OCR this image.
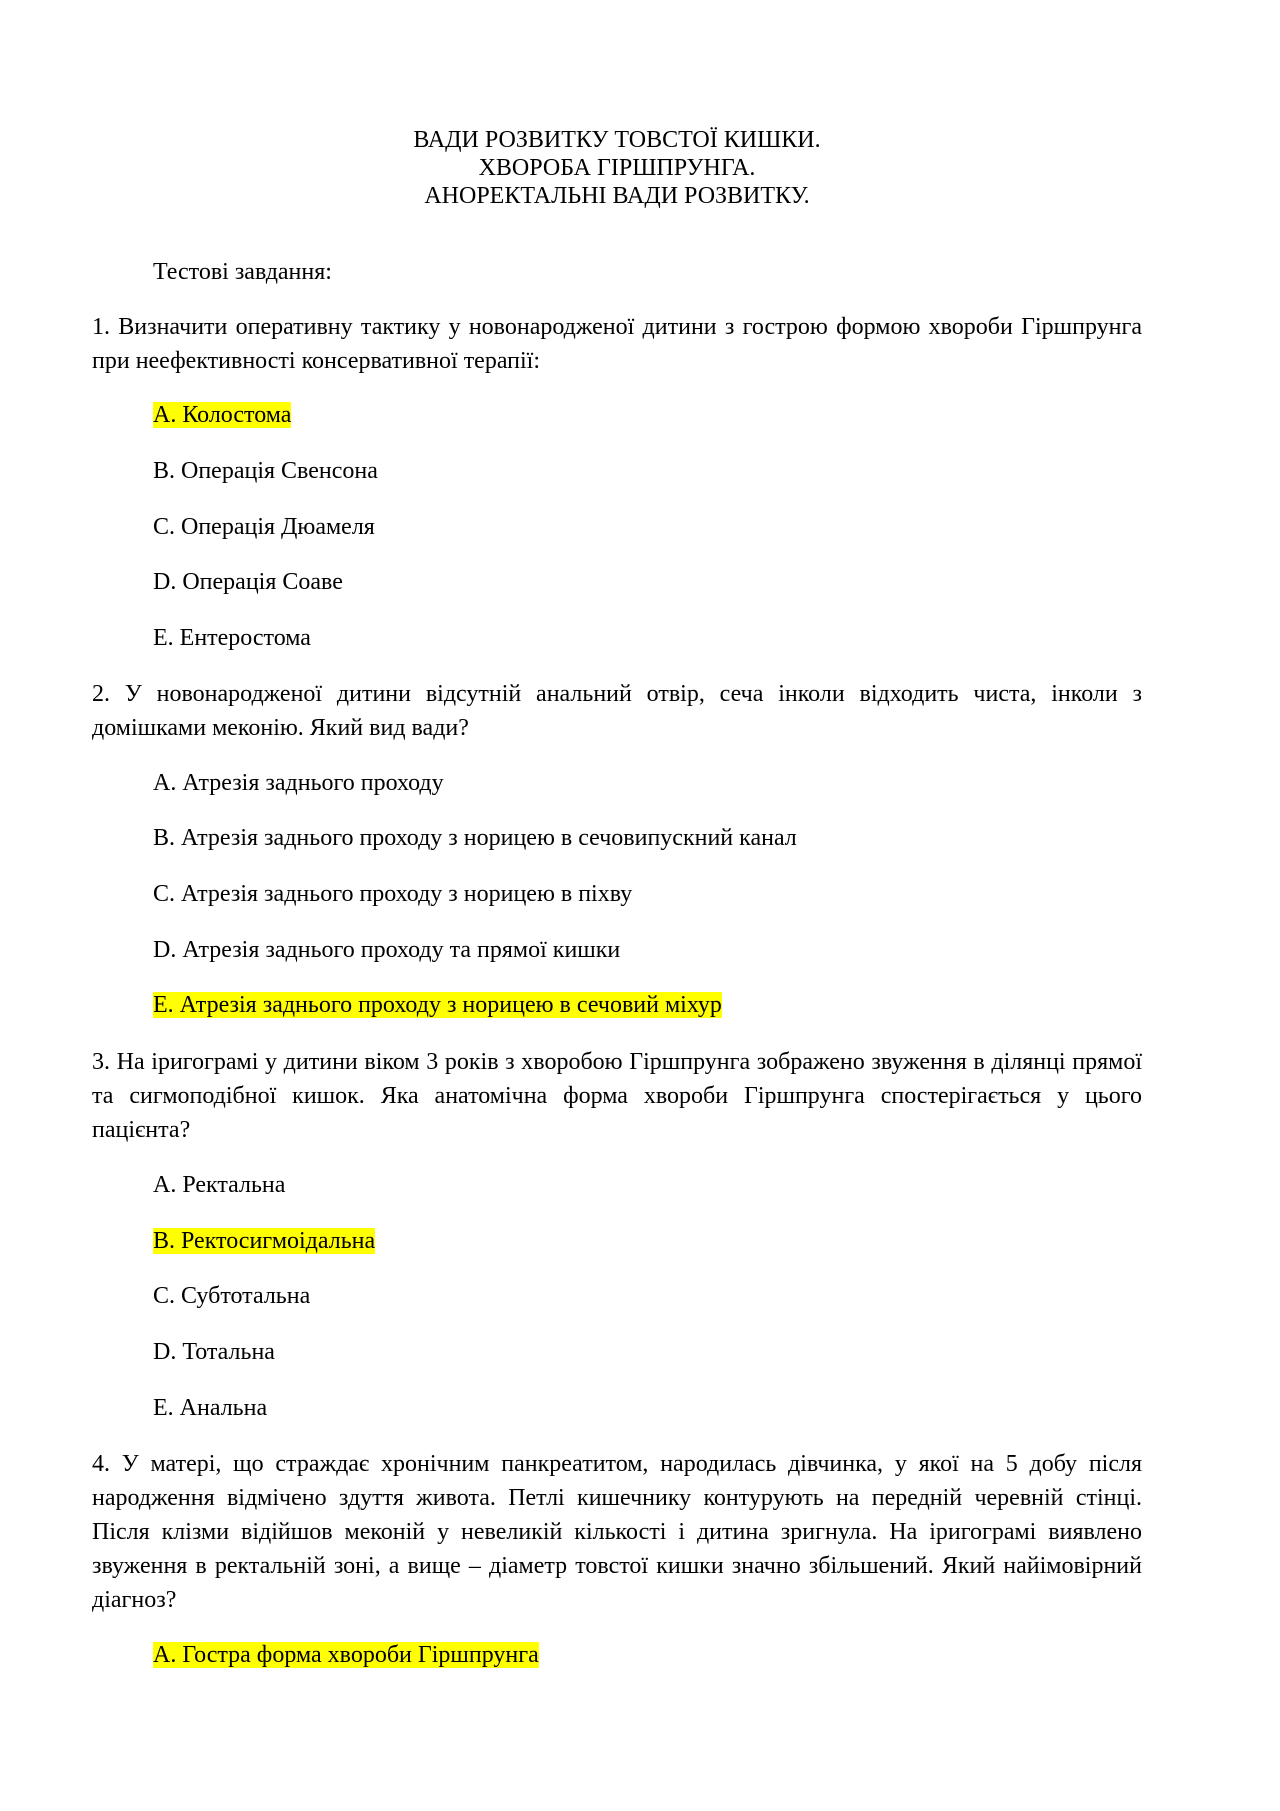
ВАДИ РОЗВИТКУ ТОВСТОЇ КИШКИ.
ХВОРОБА ГІРШПРУНГА.
АНОРЕКТАЛЬНІ ВАДИ РОЗВИТКУ.
Тестові завдання:
1. Визначити оперативну тактику у новонародженої дитини з гострою формою хвороби Гіршпрунга при неефективності консервативної терапії:
A. Колостома
B. Операція Свенсона
C. Операція Дюамеля
D. Операція Соаве
E. Ентеростома
2. У новонародженої дитини відсутній анальний отвір, сеча інколи відходить чиста, інколи з домішками меконію. Який вид вади?
A. Атрезія заднього проходу
B. Атрезія заднього проходу з норицею в сечовипускний канал
C. Атрезія заднього проходу з норицею в піхву
D. Атрезія заднього проходу та прямої кишки
E. Атрезія заднього проходу з норицею в сечовий міхур
3. На іригограмі у дитини віком 3 років з хворобою Гіршпрунга зображено звуження в ділянці прямої та сигмоподібної кишок. Яка анатомічна форма хвороби Гіршпрунга спостерігається у цього пацієнта?
A. Ректальна
B. Ректосигмоідальна
C. Субтотальна
D. Тотальна
E. Анальна
4. У матері, що страждає хронічним панкреатитом, народилась дівчинка, у якої на 5 добу після народження відмічено здуття живота. Петлі кишечнику контурують на передній черевній стінці. Після клізми відійшов меконій у невеликій кількості і дитина зригнула. На іригограмі виявлено звуження в ректальній зоні, а вище – діаметр товстої кишки значно збільшений. Який найімовірний діагноз?
A. Гостра форма хвороби Гіршпрунга
